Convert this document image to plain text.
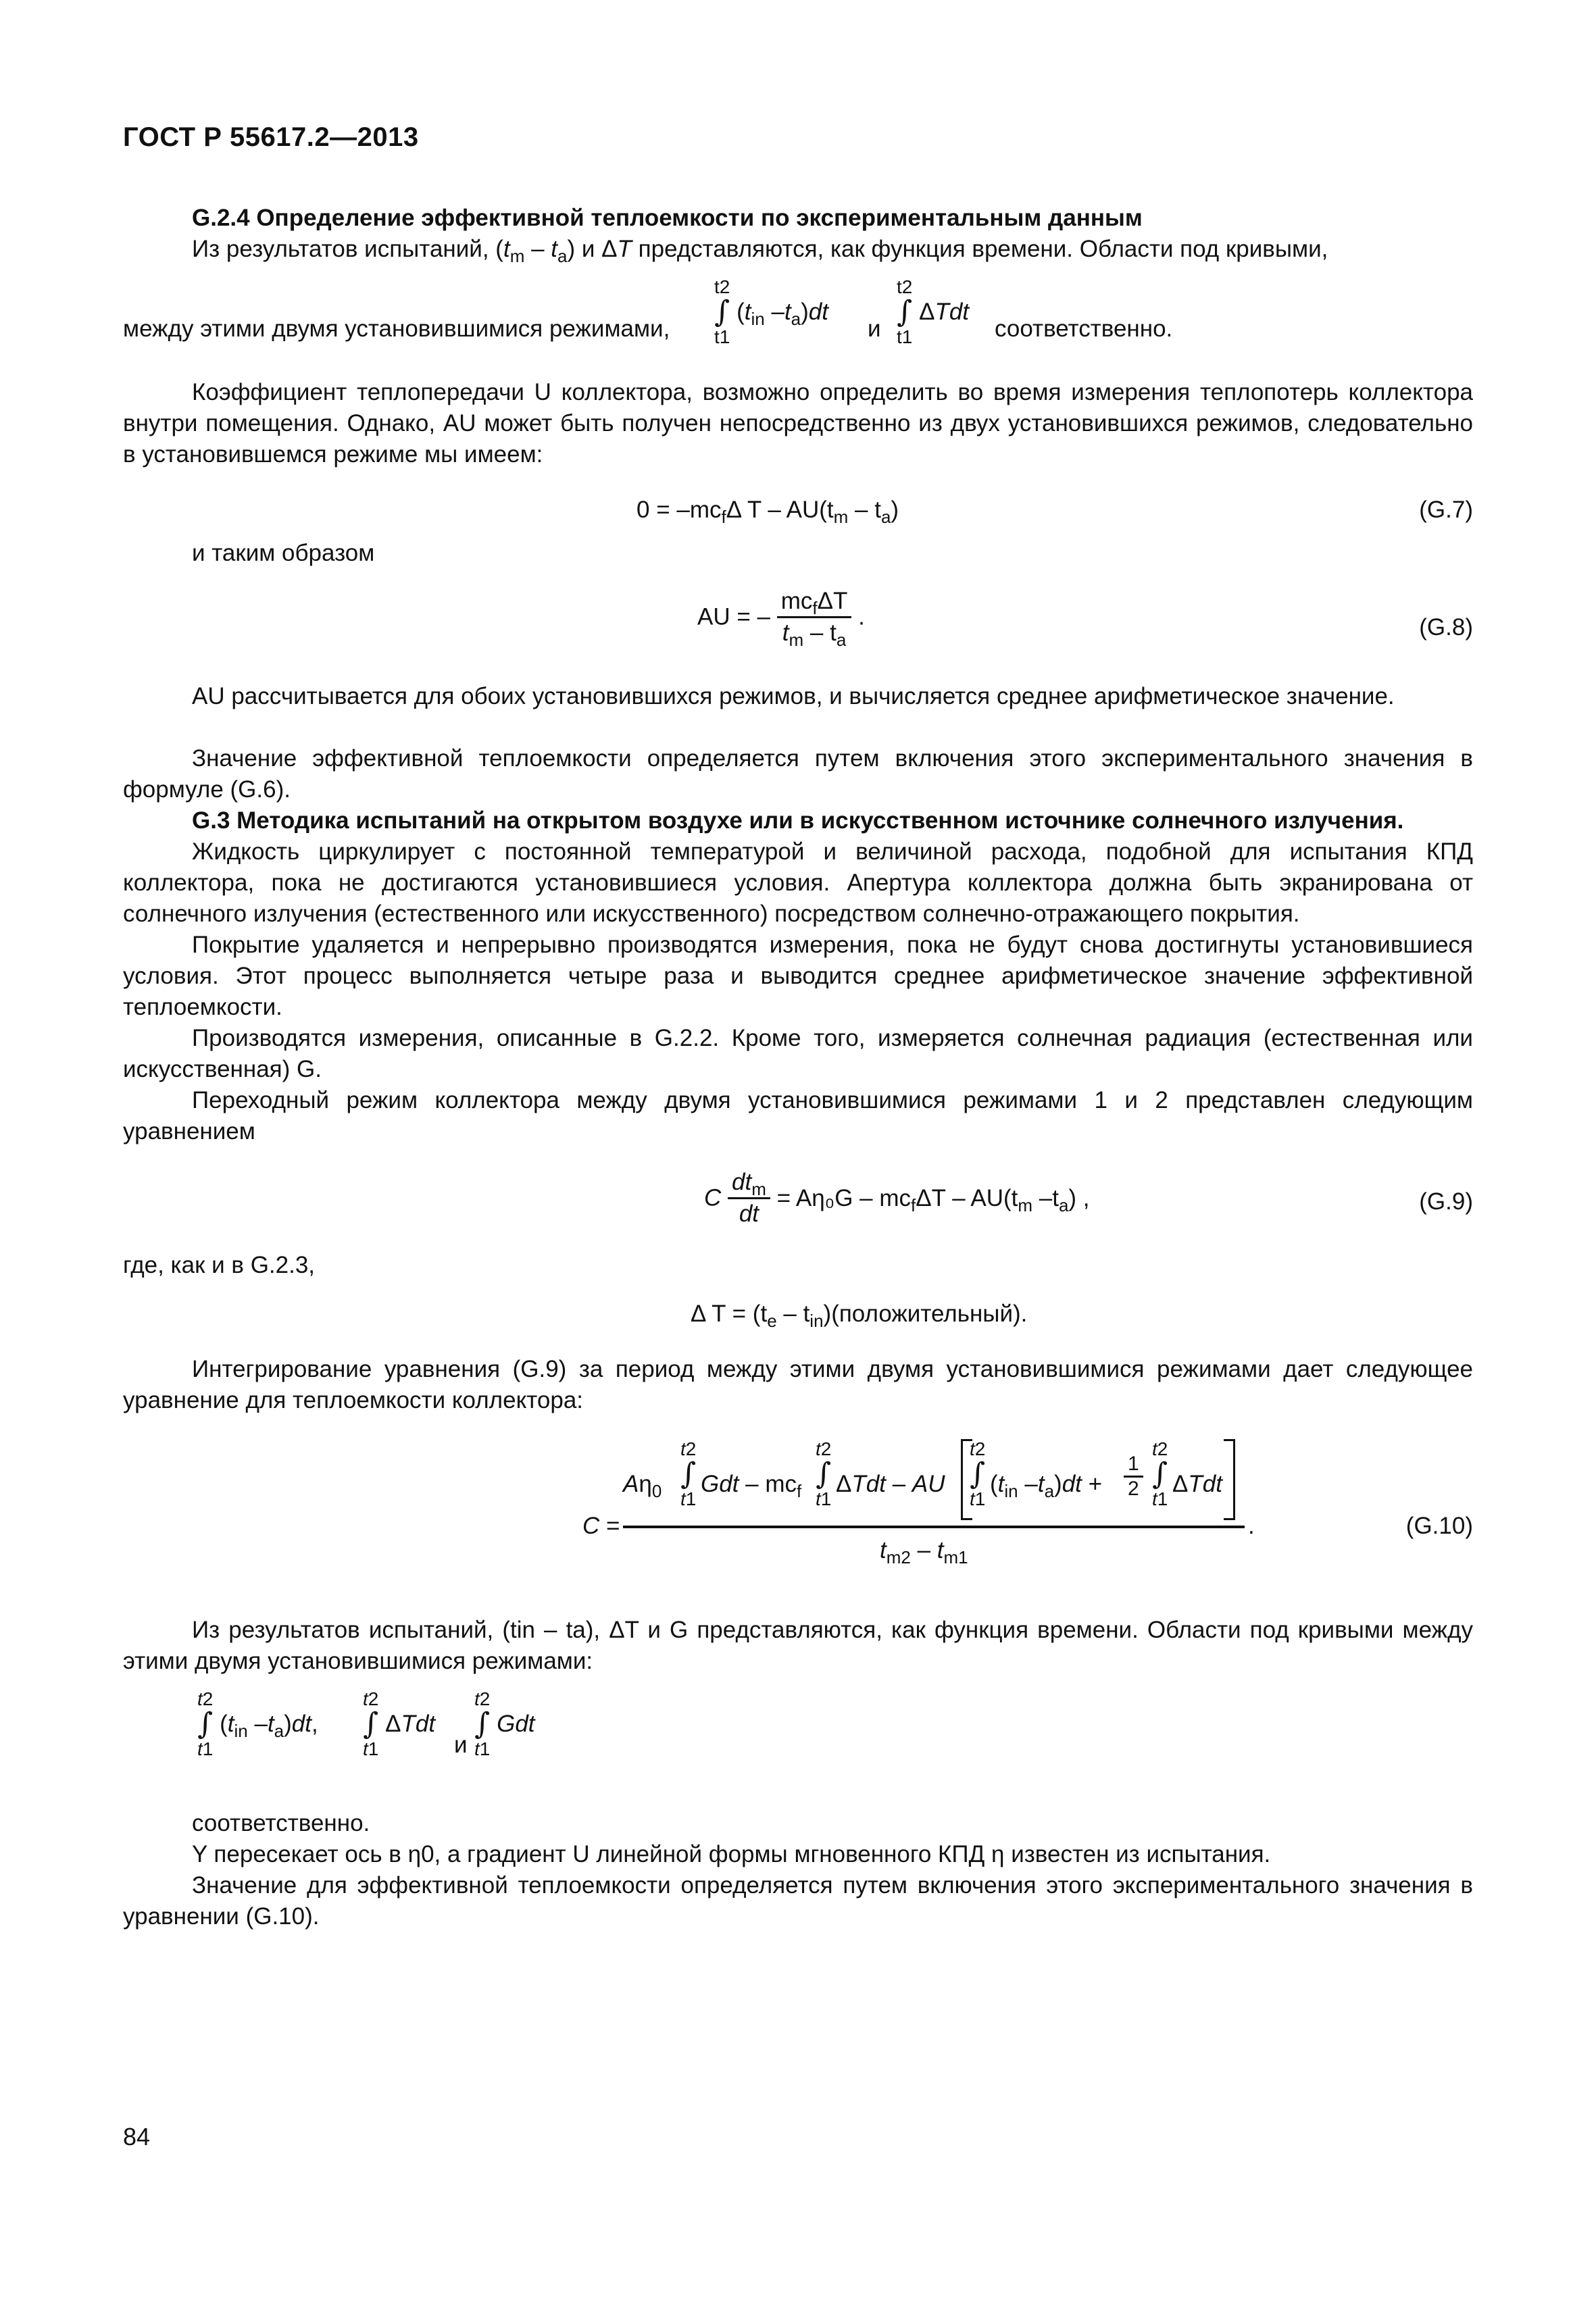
ГОСТ Р 55617.2—2013
G.2.4 Определение эффективной теплоемкости по экспериментальным данным
Из результатов испытаний, $(t_m - t_a)$ и ΔT представляются, как функция времени. Области под кривыми,
между этими двумя установившимися режимами,
t2
∫
t1
($t_{in}$ $-t_a)dt$
и
t2
∫
t1
ΔTdt
соответственно.
Коэффициент теплопередачи U коллектора, возможно определить во время измерения теплопотерь коллектора внутри помещения. Однако, AU может быть получен непосредственно из двух установившихся режимов, следовательно в установившемся режиме мы имеем:
$0 = -mc_f\Delta$ T – $AU(t_m - t_a)$	(G.7)
и таким образом
AU = – $\frac{mc_f\Delta T}{t_m - t_a}$ .	(G.8)
AU рассчитывается для обоих установившихся режимов, и вычисляется среднее арифметическое значение.
Значение эффективной теплоемкости определяется путем включения этого экспериментального значения в формуле (G.6).
G.3 Методика испытаний на открытом воздухе или в искусственном источнике солнечного излучения.
Жидкость циркулирует с постоянной температурой и величиной расхода, подобной для испытания КПД коллектора, пока не достигаются установившиеся условия. Апертура коллектора должна быть экранирована от солнечного излучения (естественного или искусственного) посредством солнечно-отражающего покрытия.
Покрытие удаляется и непрерывно производятся измерения, пока не будут снова достигнуты установившиеся условия. Этот процесс выполняется четыре раза и выводится среднее арифметическое значение эффективной теплоемкости.
Производятся измерения, описанные в G.2.2. Кроме того, измеряется солнечная радиация (естественная или искусственная) G.
Переходный режим коллектора между двумя установившимися режимами 1 и 2 представлен следующим уравнением
C $\frac{dt_m}{dt} = A\eta_0G - mc_f\Delta T - AU(t_m$ $-t_a$) ,	(G.9)
где, как и в G.2.3,
Δ $T = (t_e$ – $t_{in})(положительный)$.
Интегрирование уравнения (G.9) за период между этими двумя установившимися режимами дает следующее уравнение для теплоемкости коллектора:
C =
$A\eta_0$
t2
∫
t1
Gdt – $mc_f$
t2
∫
t1
ΔTdt – AU
t2
∫
t1
($t_{in}$ $-t_a)dt + \frac{1}{2}$
t2
∫
t1
ΔTdt
.
$t_{m2} - t_{m1}$
(G.10)
Из результатов испытаний, (tin – ta), ΔT и G представляются, как функция времени. Области под кривыми между этими двумя установившимися режимами:
t2
∫
t1
($t_{in}$ $-t_a)dt$,
t2
∫
t1
ΔTdt
и
t2
∫
t1
Gdt
соответственно.
Y пересекает ось в η0, а градиент U линейной формы мгновенного КПД η известен из испытания.
Значение для эффективной теплоемкости определяется путем включения этого экспериментального значения в уравнении (G.10).
84
